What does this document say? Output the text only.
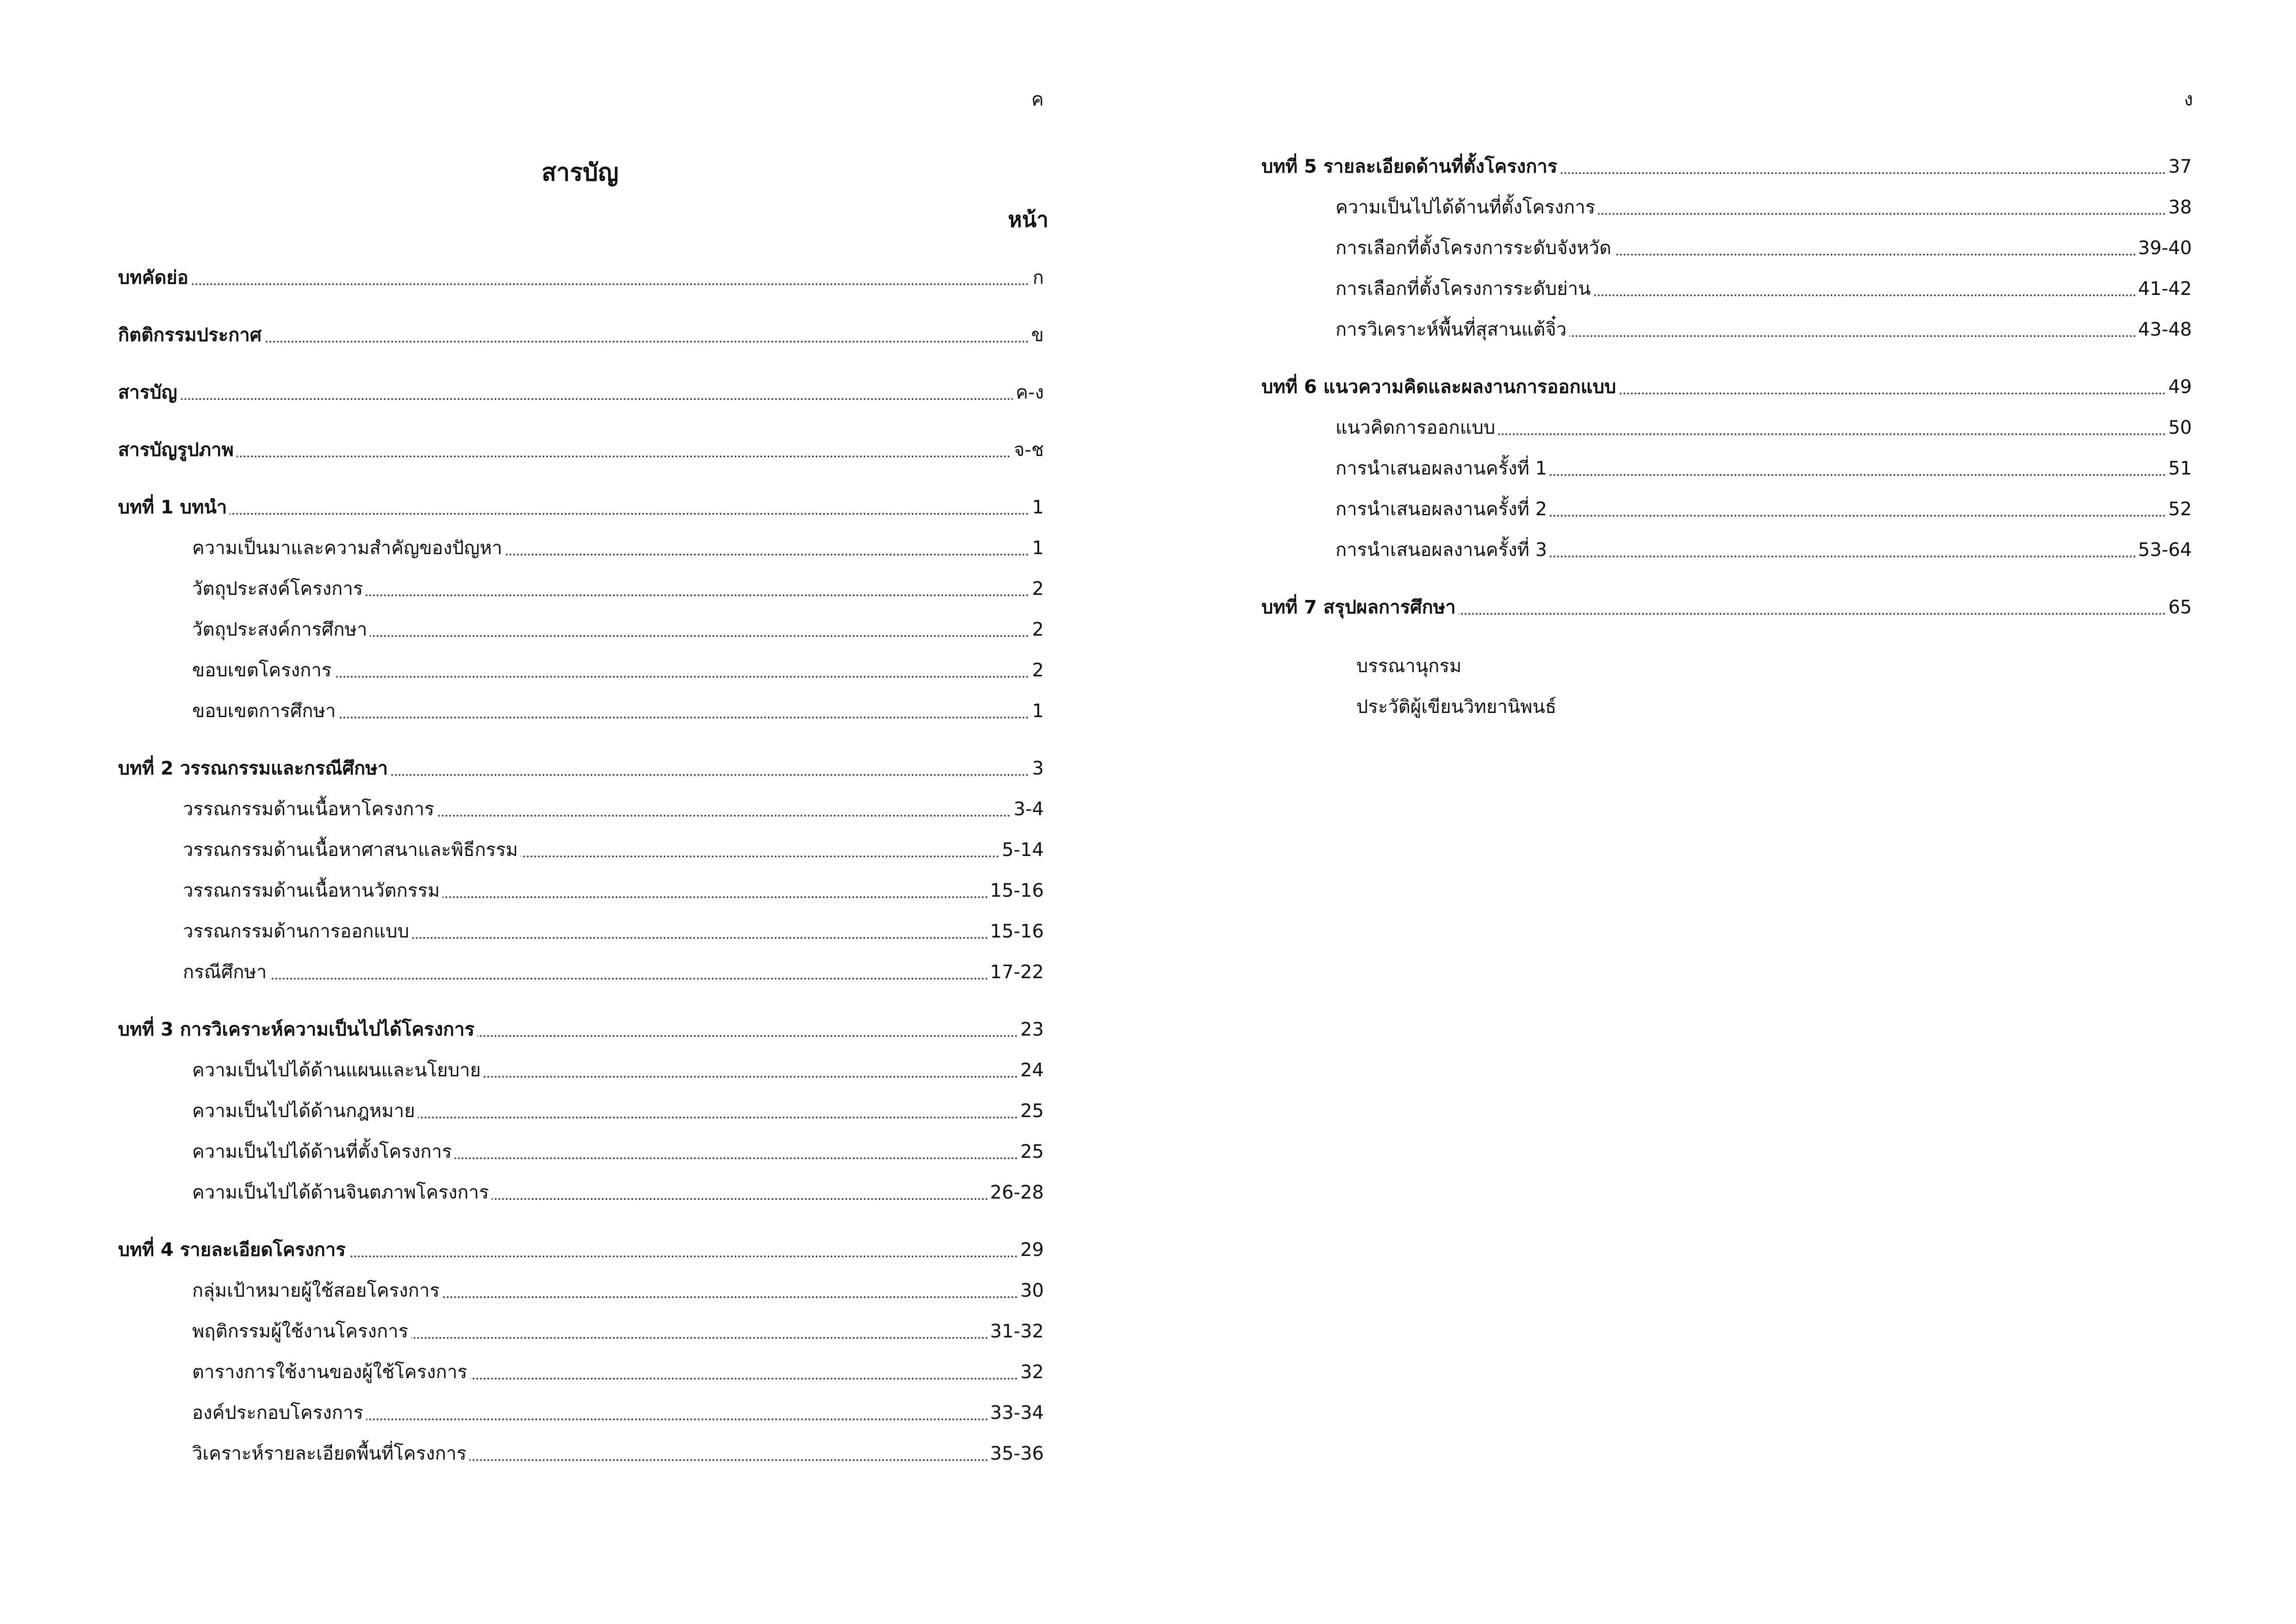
ค
สารบัญ
หน้า
บทคัดย่อ	ก
กิตติกรรมประกาศ	ข
สารบัญ	ค-ง
สารบัญรูปภาพ	จ-ช
บทที่ 1 บทนำ	1
ความเป็นมาและความสำคัญของปัญหา	1
วัตถุประสงค์โครงการ	2
วัตถุประสงค์การศึกษา	2
ขอบเขตโครงการ	2
ขอบเขตการศึกษา	1
บทที่ 2 วรรณกรรมและกรณีศึกษา	3
วรรณกรรมด้านเนื้อหาโครงการ	3-4
วรรณกรรมด้านเนื้อหาศาสนาและพิธีกรรม	5-14
วรรณกรรมด้านเนื้อหานวัตกรรม	15-16
วรรณกรรมด้านการออกแบบ	15-16
กรณีศึกษา	17-22
บทที่ 3 การวิเคราะห์ความเป็นไปได้โครงการ	23
ความเป็นไปได้ด้านแผนและนโยบาย	24
ความเป็นไปได้ด้านกฎหมาย	25
ความเป็นไปได้ด้านที่ตั้งโครงการ	25
ความเป็นไปได้ด้านจินตภาพโครงการ	26-28
บทที่ 4 รายละเอียดโครงการ	29
กลุ่มเป้าหมายผู้ใช้สอยโครงการ	30
พฤติกรรมผู้ใช้งานโครงการ	31-32
ตารางการใช้งานของผู้ใช้โครงการ	32
องค์ประกอบโครงการ	33-34
วิเคราะห์รายละเอียดพื้นที่โครงการ	35-36
ง
บทที่ 5 รายละเอียดด้านที่ตั้งโครงการ	37
ความเป็นไปได้ด้านที่ตั้งโครงการ	38
การเลือกที่ตั้งโครงการระดับจังหวัด	39-40
การเลือกที่ตั้งโครงการระดับย่าน	41-42
การวิเคราะห์พื้นที่สุสานแต้จิ๋ว	43-48
บทที่ 6 แนวความคิดและผลงานการออกแบบ	49
แนวคิดการออกแบบ	50
การนำเสนอผลงานครั้งที่ 1	51
การนำเสนอผลงานครั้งที่ 2	52
การนำเสนอผลงานครั้งที่ 3	53-64
บทที่ 7 สรุปผลการศึกษา	65
บรรณานุกรม
ประวัติผู้เขียนวิทยานิพนธ์
